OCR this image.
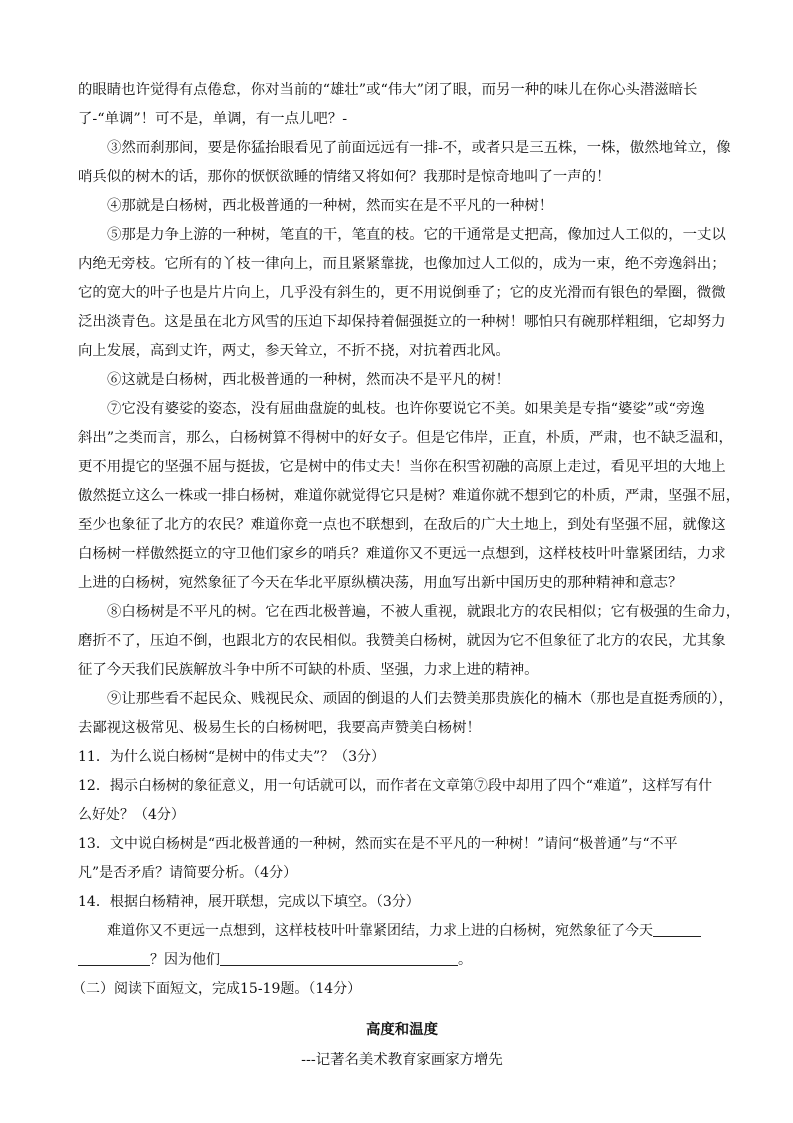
的眼睛也许觉得有点倦怠，你对当前的“雄壮”或“伟大”闭了眼，而另一种的味儿在你心头潜滋暗长
了-“单调”！可不是，单调，有一点儿吧？-
③然而刹那间，要是你猛抬眼看见了前面远远有一排-不，或者只是三五株，一株，傲然地耸立，像
哨兵似的树木的话，那你的恹恹欲睡的情绪又将如何？我那时是惊奇地叫了一声的！
④那就是白杨树，西北极普通的一种树，然而实在是不平凡的一种树！
⑤那是力争上游的一种树，笔直的干，笔直的枝。它的干通常是丈把高，像加过人工似的，一丈以
内绝无旁枝。它所有的丫枝一律向上，而且紧紧靠拢，也像加过人工似的，成为一束，绝不旁逸斜出；
它的宽大的叶子也是片片向上，几乎没有斜生的，更不用说倒垂了；它的皮光滑而有银色的晕圈，微微
泛出淡青色。这是虽在北方风雪的压迫下却保持着倔强挺立的一种树！哪怕只有碗那样粗细，它却努力
向上发展，高到丈许，两丈，参天耸立，不折不挠，对抗着西北风。
⑥这就是白杨树，西北极普通的一种树，然而决不是平凡的树！
⑦它没有婆娑的姿态，没有屈曲盘旋的虬枝。也许你要说它不美。如果美是专指“婆娑”或“旁逸
斜出”之类而言，那么，白杨树算不得树中的好女子。但是它伟岸，正直，朴质，严肃，也不缺乏温和，
更不用提它的坚强不屈与挺拔，它是树中的伟丈夫！当你在积雪初融的高原上走过，看见平坦的大地上
傲然挺立这么一株或一排白杨树，难道你就觉得它只是树？难道你就不想到它的朴质，严肃，坚强不屈，
至少也象征了北方的农民？难道你竟一点也不联想到，在敌后的广大土地上，到处有坚强不屈，就像这
白杨树一样傲然挺立的守卫他们家乡的哨兵？难道你又不更远一点想到，这样枝枝叶叶靠紧团结，力求
上进的白杨树，宛然象征了今天在华北平原纵横决荡，用血写出新中国历史的那种精神和意志？
⑧白杨树是不平凡的树。它在西北极普遍，不被人重视，就跟北方的农民相似；它有极强的生命力，
磨折不了，压迫不倒，也跟北方的农民相似。我赞美白杨树，就因为它不但象征了北方的农民，尤其象
征了今天我们民族解放斗争中所不可缺的朴质、坚强，力求上进的精神。
⑨让那些看不起民众、贱视民众、顽固的倒退的人们去赞美那贵族化的楠木（那也是直挺秀颀的），
去鄙视这极常见、极易生长的白杨树吧，我要高声赞美白杨树！
11．为什么说白杨树“是树中的伟丈夫”？（3分）
12．揭示白杨树的象征意义，用一句话就可以，而作者在文章第⑦段中却用了四个“难道”，这样写有什
么好处？（4分）
13．文中说白杨树是“西北极普通的一种树，然而实在是不平凡的一种树！”请问“极普通”与“不平
凡”是否矛盾？请简要分析。（4分）
14．根据白杨精神，展开联想，完成以下填空。（3分）
难道你又不更远一点想到，这样枝枝叶叶靠紧团结，力求上进的白杨树，宛然象征了今天
？因为他们	。
（二）阅读下面短文，完成15-19题。（14分）
高度和温度
---记著名美术教育家画家方增先
